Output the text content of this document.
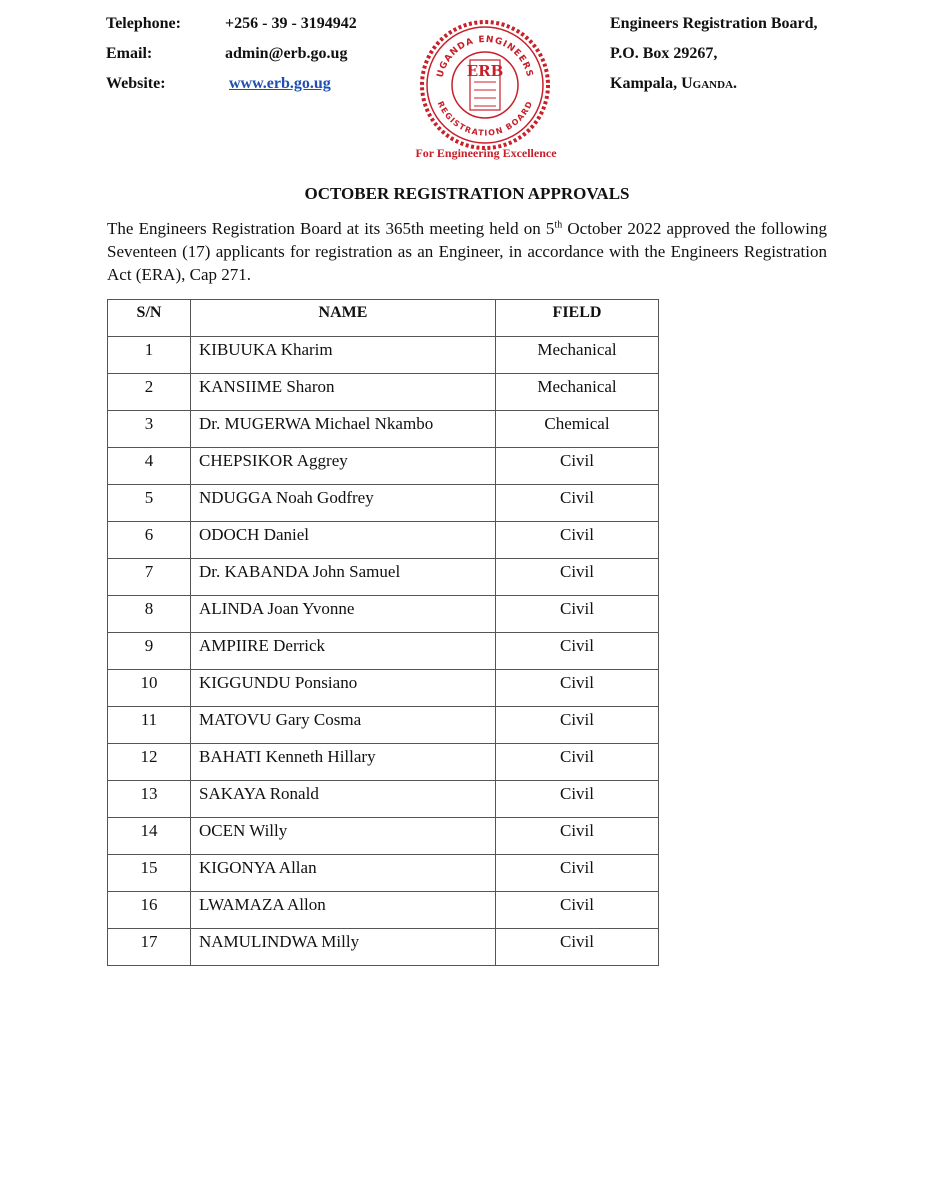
Telephone:	+256 - 39 - 3194942
Email:	admin@erb.go.ug
Website:	www.erb.go.ug
Engineers Registration Board,
P.O. Box 29267,
Kampala, Uganda.
UGANDA ENGINEERS
REGISTRATION BOARD
ERB
For Engineering Excellence
OCTOBER REGISTRATION APPROVALS
The Engineers Registration Board at its 365th meeting held on 5th October 2022 approved the following Seventeen (17) applicants for registration as an Engineer, in accordance with the Engineers Registration Act (ERA), Cap 271.
S/N	NAME	FIELD
1	KIBUUKA Kharim	Mechanical
2	KANSIIME Sharon	Mechanical
3	Dr. MUGERWA Michael Nkambo	Chemical
4	CHEPSIKOR Aggrey	Civil
5	NDUGGA Noah Godfrey	Civil
6	ODOCH Daniel	Civil
7	Dr. KABANDA John Samuel	Civil
8	ALINDA Joan Yvonne	Civil
9	AMPIIRE Derrick	Civil
10	KIGGUNDU Ponsiano	Civil
11	MATOVU Gary Cosma	Civil
12	BAHATI Kenneth Hillary	Civil
13	SAKAYA Ronald	Civil
14	OCEN Willy	Civil
15	KIGONYA Allan	Civil
16	LWAMAZA Allon	Civil
17	NAMULINDWA Milly	Civil
